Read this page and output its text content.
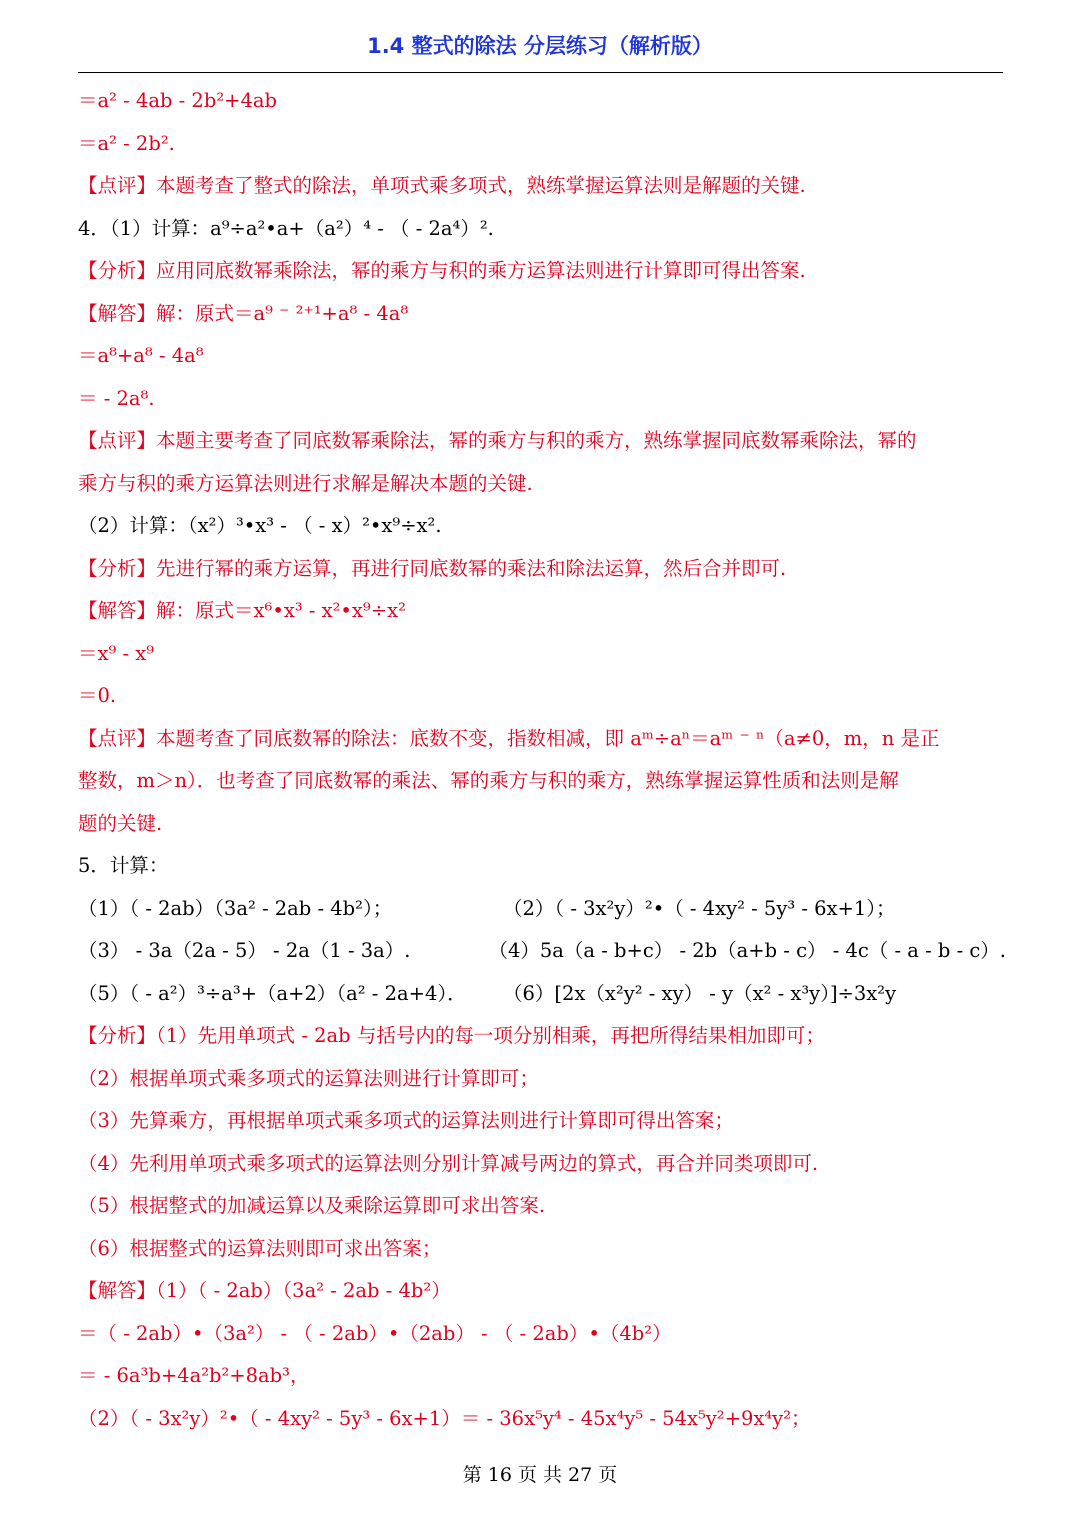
1.4 整式的除法 分层练习（解析版）
＝a² ‑ 4ab ‑ 2b²+4ab
＝a² ‑ 2b².
【点评】本题考查了整式的除法，单项式乘多项式，熟练掌握运算法则是解题的关键.
4．（1）计算：a⁹÷a²•a+（a²）⁴ ‑ （ ‑ 2a⁴）².
【分析】应用同底数幂乘除法，幂的乘方与积的乘方运算法则进行计算即可得出答案.
【解答】解：原式＝a⁹ ⁻ ²⁺¹+a⁸ ‑ 4a⁸
＝a⁸+a⁸ ‑ 4a⁸
＝ ‑ 2a⁸.
【点评】本题主要考查了同底数幂乘除法，幂的乘方与积的乘方，熟练掌握同底数幂乘除法，幂的
乘方与积的乘方运算法则进行求解是解决本题的关键.
（2）计算：（x²）³•x³ ‑ （ ‑ x）²•x⁹÷x².
【分析】先进行幂的乘方运算，再进行同底数幂的乘法和除法运算，然后合并即可.
【解答】解：原式＝x⁶•x³ ‑ x²•x⁹÷x²
＝x⁹ ‑ x⁹
＝0.
【点评】本题考查了同底数幂的除法：底数不变，指数相减，即 aᵐ÷aⁿ＝aᵐ ⁻ ⁿ（a≠0，m，n 是正
整数，m＞n）．也考查了同底数幂的乘法、幂的乘方与积的乘方，熟练掌握运算性质和法则是解
题的关键.
5．计算：
（1）（ ‑ 2ab）（3a² ‑ 2ab ‑ 4b²）；	（2）（ ‑ 3x²y）²•（ ‑ 4xy² ‑ 5y³ ‑ 6x+1）；
（3） ‑ 3a（2a ‑ 5） ‑ 2a（1 ‑ 3a）.	（4）5a（a ‑ b+c） ‑ 2b（a+b ‑ c） ‑ 4c（ ‑ a ‑ b ‑ c）.
（5）（ ‑ a²）³÷a³+（a+2）（a² ‑ 2a+4）．	（6）[2x（x²y² ‑ xy） ‑ y（x² ‑ x³y）]÷3x²y
【分析】（1）先用单项式 ‑ 2ab 与括号内的每一项分别相乘，再把所得结果相加即可；
（2）根据单项式乘多项式的运算法则进行计算即可；
（3）先算乘方，再根据单项式乘多项式的运算法则进行计算即可得出答案；
（4）先利用单项式乘多项式的运算法则分别计算减号两边的算式，再合并同类项即可.
（5）根据整式的加减运算以及乘除运算即可求出答案.
（6）根据整式的运算法则即可求出答案；
【解答】（1）（ ‑ 2ab）（3a² ‑ 2ab ‑ 4b²）
＝（ ‑ 2ab）•（3a²） ‑ （ ‑ 2ab）•（2ab） ‑ （ ‑ 2ab）•（4b²）
＝ ‑ 6a³b+4a²b²+8ab³，
（2）（ ‑ 3x²y）²•（ ‑ 4xy² ‑ 5y³ ‑ 6x+1）＝ ‑ 36x⁵y⁴ ‑ 45x⁴y⁵ ‑ 54x⁵y²+9x⁴y²；
第 16 页 共 27 页
